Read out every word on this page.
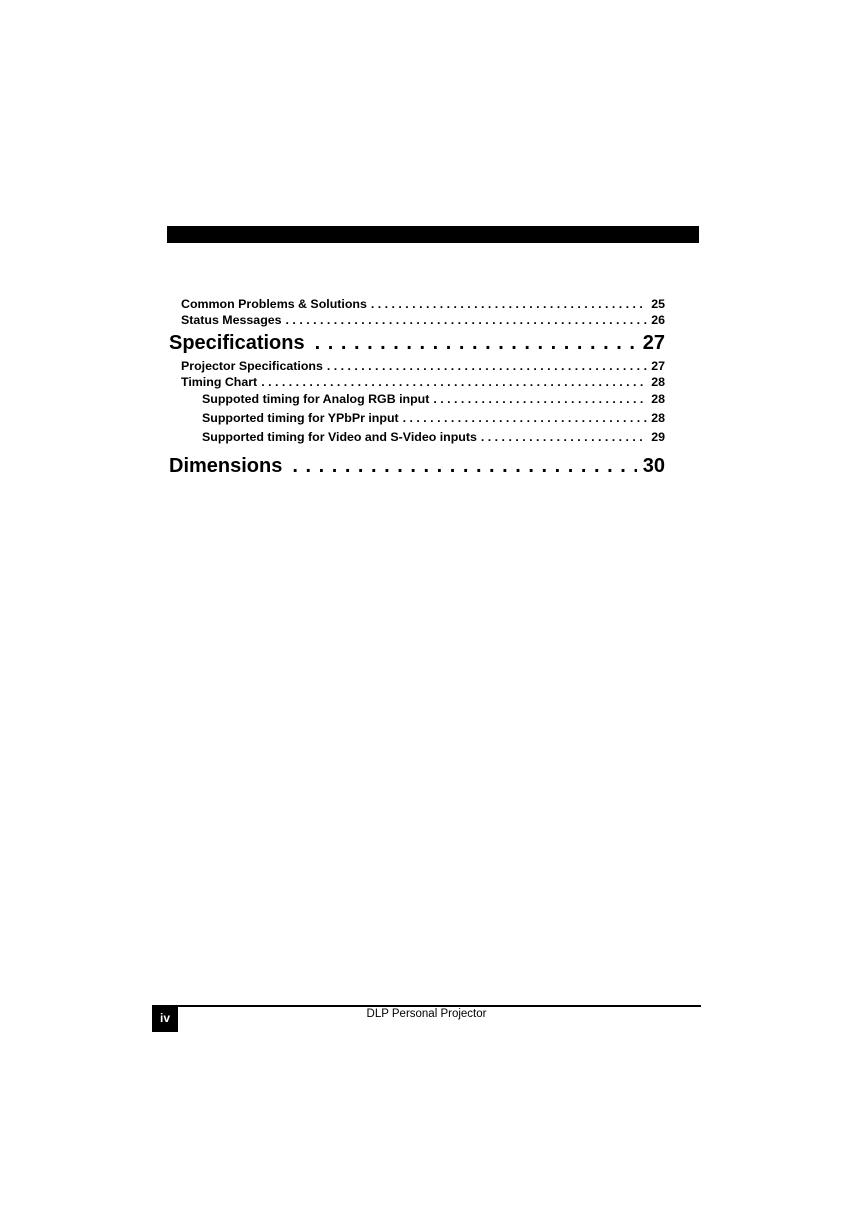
Common Problems & Solutions . . .	25
Status Messages . . .	26
Specifications . . .	27
Projector Specifications . . .	27
Timing Chart . . .	28
Suppoted timing for Analog RGB input . . .	28
Supported timing for YPbPr input . . .	28
Supported timing for Video and S-Video inputs . . .	29
Dimensions . . .	30
iv	DLP Personal Projector
